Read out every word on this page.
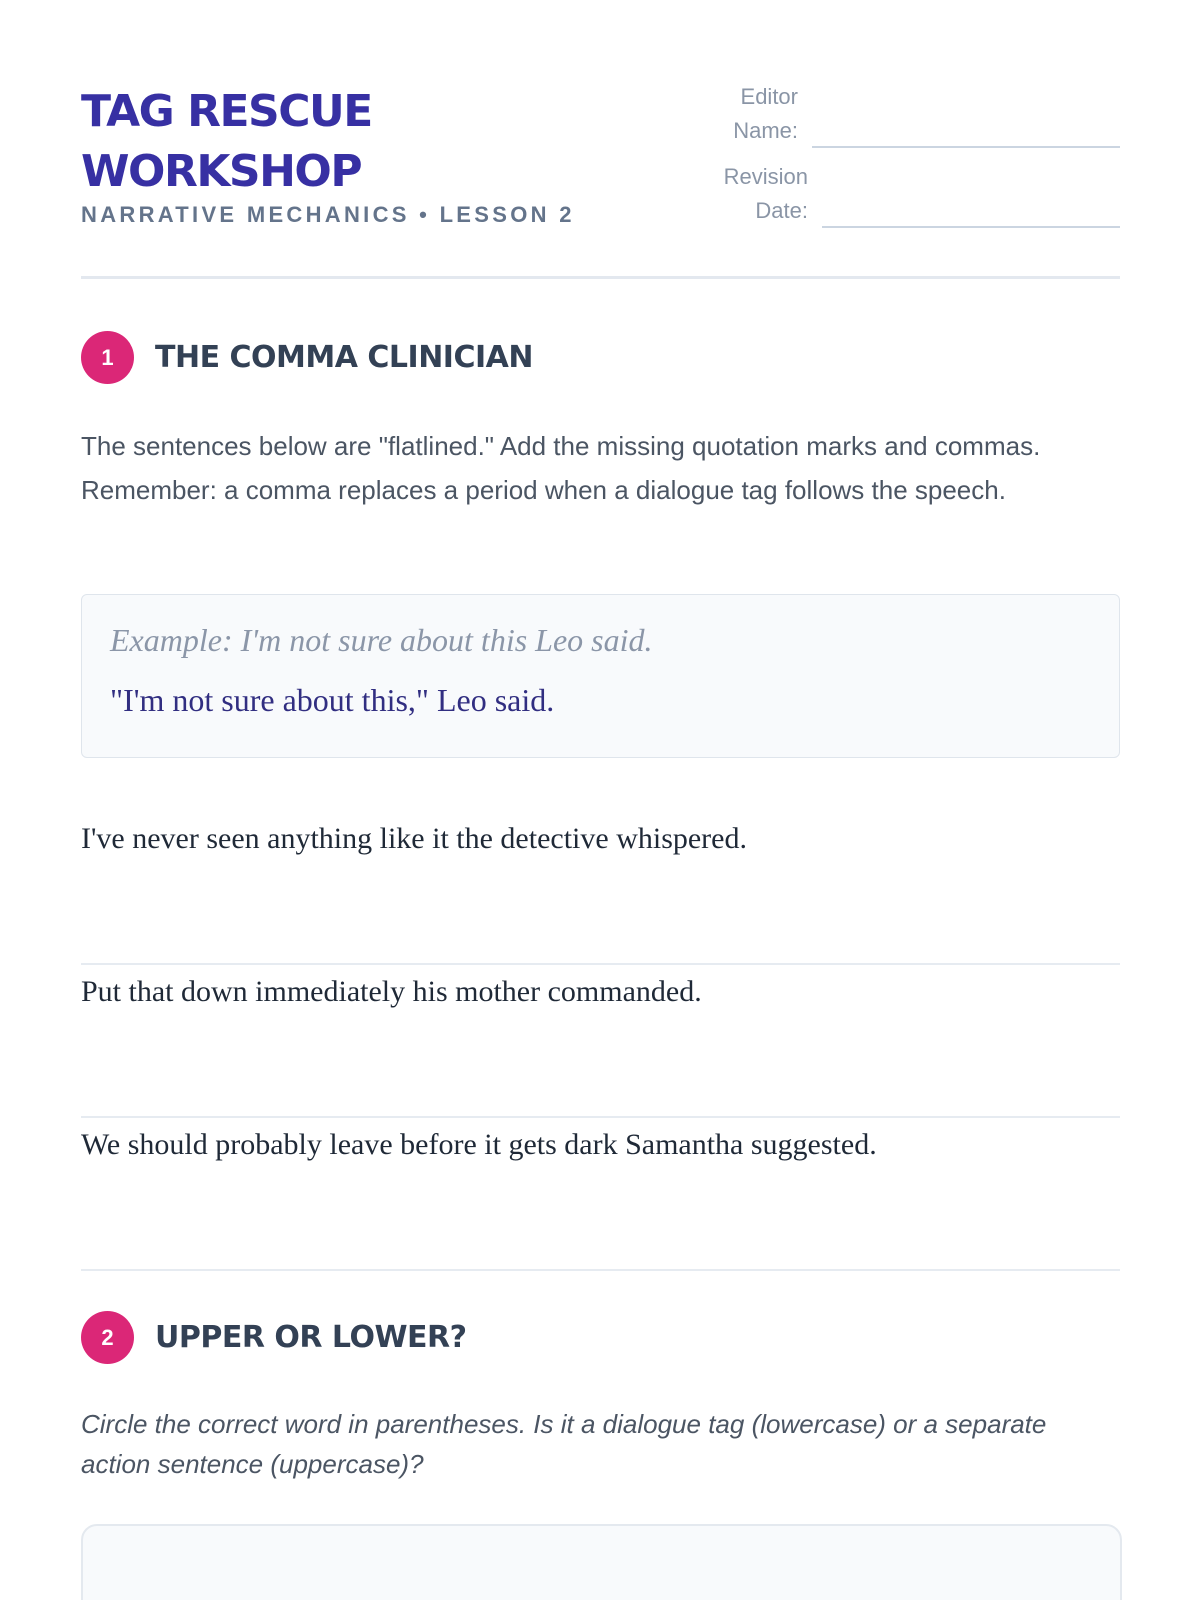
TAG RESCUE WORKSHOP
NARRATIVE MECHANICS • LESSON 2
Editor Name:
Revision Date:
1	THE COMMA CLINICIAN

The sentences below are "flatlined." Add the missing quotation marks and commas. Remember: a comma replaces a period when a dialogue tag follows the speech.

Example: I'm not sure about this Leo said.
"I'm not sure about this," Leo said.
I've never seen anything like it the detective whispered.
Put that down immediately his mother commanded.
We should probably leave before it gets dark Samantha suggested.
2	UPPER OR LOWER?

Circle the correct word in parentheses. Is it a dialogue tag (lowercase) or a separate action sentence (uppercase)?
